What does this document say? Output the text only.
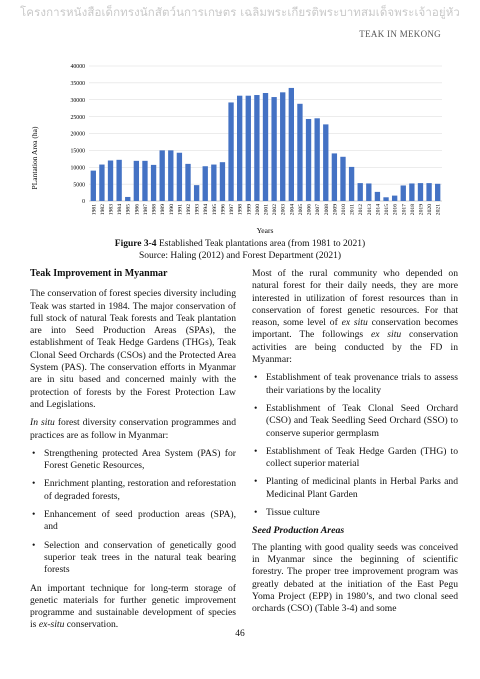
โครงการหนังสือเด็กทรงนักสัตว์นการเกษตร เฉลิมพระเกียรติพระบาทสมเด็จพระเจ้าอยู่หัว
TEAK IN MEKONG
0
5000
10000
15000
20000
25000
30000
35000
40000
1981 1982 1983 1984 1985 1986 1987 1988 1989 1990 1991 1992 1993 1994 1995 1996 1997 1998 1999 2000 2001 2002 2003 2004 2005 2006 2007 2008 2009 2010 2011 2012 2013 2014 2015 2016 2017 2018 2019 2020 2021
PLantation Area (ha)
Years
Figure 3-4 Established Teak plantations area (from 1981 to 2021)
Source: Haling (2012) and Forest Department (2021)
Teak Improvement in Myanmar

The conservation of forest species diversity including Teak was started in 1984. The major conservation of full stock of natural Teak forests and Teak plantation are into Seed Production Areas (SPAs), the establishment of Teak Hedge Gardens (THGs), Teak Clonal Seed Orchards (CSOs) and the Protected Area System (PAS). The conservation efforts in Myanmar are in situ based and concerned mainly with the protection of forests by the Forest Protection Law and Legislations.

In situ forest diversity conservation programmes and practices are as follow in Myanmar:

• Strengthening protected Area System (PAS) for Forest Genetic Resources,
• Enrichment planting, restoration and reforestation of degraded forests,
• Enhancement of seed production areas (SPA), and
• Selection and conservation of genetically good superior teak trees in the natural teak bearing forests

An important technique for long-term storage of genetic materials for further genetic improvement programme and sustainable development of species is ex-situ conservation.

Most of the rural community who depended on natural forest for their daily needs, they are more interested in utilization of forest resources than in conservation of forest genetic resources. For that reason, some level of ex situ conservation becomes important. The followings ex situ conservation activities are being conducted by the FD in Myanmar:

• Establishment of teak provenance trials to assess their variations by the locality
• Establishment of Teak Clonal Seed Orchard (CSO) and Teak Seedling Seed Orchard (SSO) to conserve superior germplasm
• Establishment of Teak Hedge Garden (THG) to collect superior material
• Planting of medicinal plants in Herbal Parks and Medicinal Plant Garden
• Tissue culture
Seed Production Areas

The planting with good quality seeds was conceived in Myanmar since the beginning of scientific forestry. The proper tree improvement program was greatly debated at the initiation of the East Pegu Yoma Project (EPP) in 1980’s, and two clonal seed orchards (CSO) (Table 3-4) and some

46
